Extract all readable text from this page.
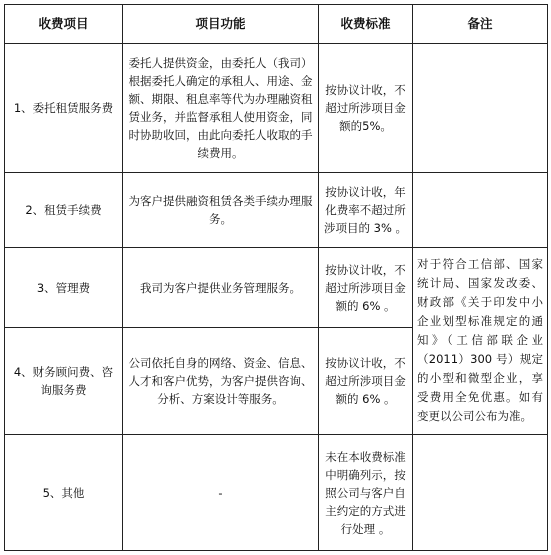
收费项目	项目功能	收费标准	备注
1、委托租赁服务费	委托人提供资金，由委托人（我司）根据委托人确定的承租人、用途、金额、期限、租息率等代为办理融资租赁业务，并监督承租人使用资金，同时协助收回，由此向委托人收取的手续费用。	按协议计收，不超过所涉项目金额的5%。	
2、租赁手续费	为客户提供融资租赁各类手续办理服务。	按协议计收，年化费率不超过所涉项目的 3% 。	
3、管理费	我司为客户提供业务管理服务。	按协议计收，不超过所涉项目金额的 6% 。	对于符合工信部、国家统计局、国家发改委、财政部《关于印发中小企业划型标准规定的通知》（工信部联企业（2011）300 号）规定的小型和微型企业，享受费用全免优惠。如有变更以公司公布为准。
4、财务顾问费、咨询服务费	公司依托自身的网络、资金、信息、人才和客户优势，为客户提供咨询、分析、方案设计等服务。	按协议计收，不超过所涉项目金额的 6% 。	
5、其他	-	未在本收费标准中明确列示，按照公司与客户自主约定的方式进行处理 。	
